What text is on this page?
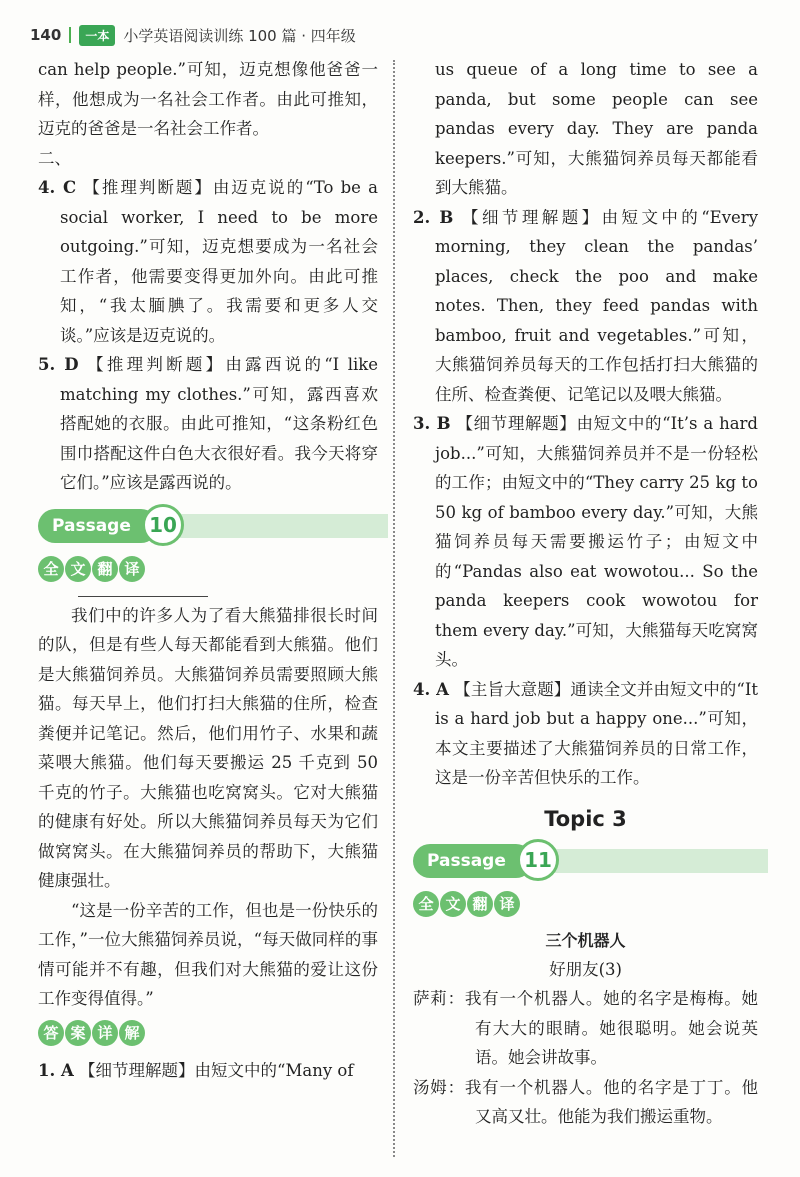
140	一本 小学英语阅读训练 100 篇 · 四年级

can help people.”可知，迈克想像他爸爸一样，他想成为一名社会工作者。由此可推知，迈克的爸爸是一名社会工作者。

二、

4. C 【推理判断题】由迈克说的“To be a social worker, I need to be more outgoing.”可知，迈克想要成为一名社会工作者，他需要变得更加外向。由此可推知，“我太腼腆了。我需要和更多人交谈。”应该是迈克说的。

5. D 【推理判断题】由露西说的“I like matching my clothes.”可知，露西喜欢搭配她的衣服。由此可推知，“这条粉红色围巾搭配这件白色大衣很好看。我今天将穿它们。”应该是露西说的。

Passage 10
全 文 翻 译

我们中的许多人为了看大熊猫排很长时间的队，但是有些人每天都能看到大熊猫。他们是大熊猫饲养员。大熊猫饲养员需要照顾大熊猫。每天早上，他们打扫大熊猫的住所，检查粪便并记笔记。然后，他们用竹子、水果和蔬菜喂大熊猫。他们每天要搬运 25 千克到 50 千克的竹子。大熊猫也吃窝窝头。它对大熊猫的健康有好处。所以大熊猫饲养员每天为它们做窝窝头。在大熊猫饲养员的帮助下，大熊猫健康强壮。

“这是一份辛苦的工作，但也是一份快乐的工作，”一位大熊猫饲养员说，“每天做同样的事情可能并不有趣，但我们对大熊猫的爱让这份工作变得值得。”

答 案 详 解

1. A 【细节理解题】由短文中的“Many of

us queue of a long time to see a panda, but some people can see pandas every day. They are panda keepers.”可知，大熊猫饲养员每天都能看到大熊猫。

2. B 【细节理解题】由短文中的“Every morning, they clean the pandas’ places, check the poo and make notes. Then, they feed pandas with bamboo, fruit and vegetables.”可知，大熊猫饲养员每天的工作包括打扫大熊猫的住所、检查粪便、记笔记以及喂大熊猫。

3. B 【细节理解题】由短文中的“It’s a hard job...”可知，大熊猫饲养员并不是一份轻松的工作；由短文中的“They carry 25 kg to 50 kg of bamboo every day.”可知，大熊猫饲养员每天需要搬运竹子；由短文中的“Pandas also eat wowotou... So the panda keepers cook wowotou for them every day.”可知，大熊猫每天吃窝窝头。

4. A 【主旨大意题】通读全文并由短文中的“It is a hard job but a happy one...”可知，本文主要描述了大熊猫饲养员的日常工作，这是一份辛苦但快乐的工作。

Topic 3
Passage 11
全 文 翻 译

三个机器人

好朋友(3)

萨莉：我有一个机器人。她的名字是梅梅。她有大大的眼睛。她很聪明。她会说英语。她会讲故事。

汤姆：我有一个机器人。他的名字是丁丁。他又高又壮。他能为我们搬运重物。
